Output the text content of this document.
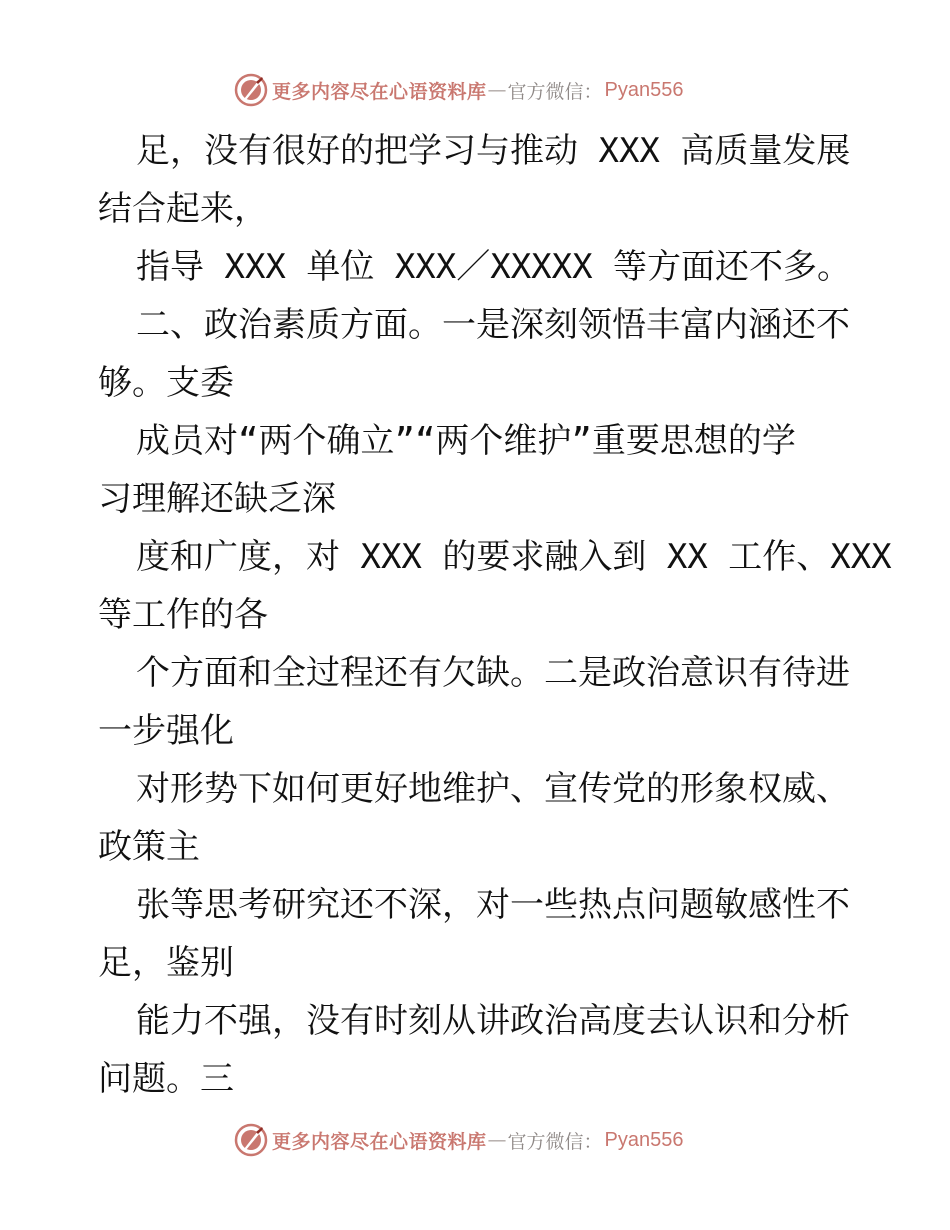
更多内容尽在心语资料库 — 官方微信： Pyan556
足，没有很好的把学习与推动 XXX 高质量发展
结合起来，
指导 XXX 单位 XXX／XXXXX 等方面还不多。
二、政治素质方面。一是深刻领悟丰富内涵还不
够。支委
成员对“两个确立”“两个维护”重要思想的学
习理解还缺乏深
度和广度，对 XXX 的要求融入到 XX 工作、XXX
等工作的各
个方面和全过程还有欠缺。二是政治意识有待进
一步强化
对形势下如何更好地维护、宣传党的形象权威、
政策主
张等思考研究还不深，对一些热点问题敏感性不
足，鉴别
能力不强，没有时刻从讲政治高度去认识和分析
问题。三
更多内容尽在心语资料库 — 官方微信： Pyan556
